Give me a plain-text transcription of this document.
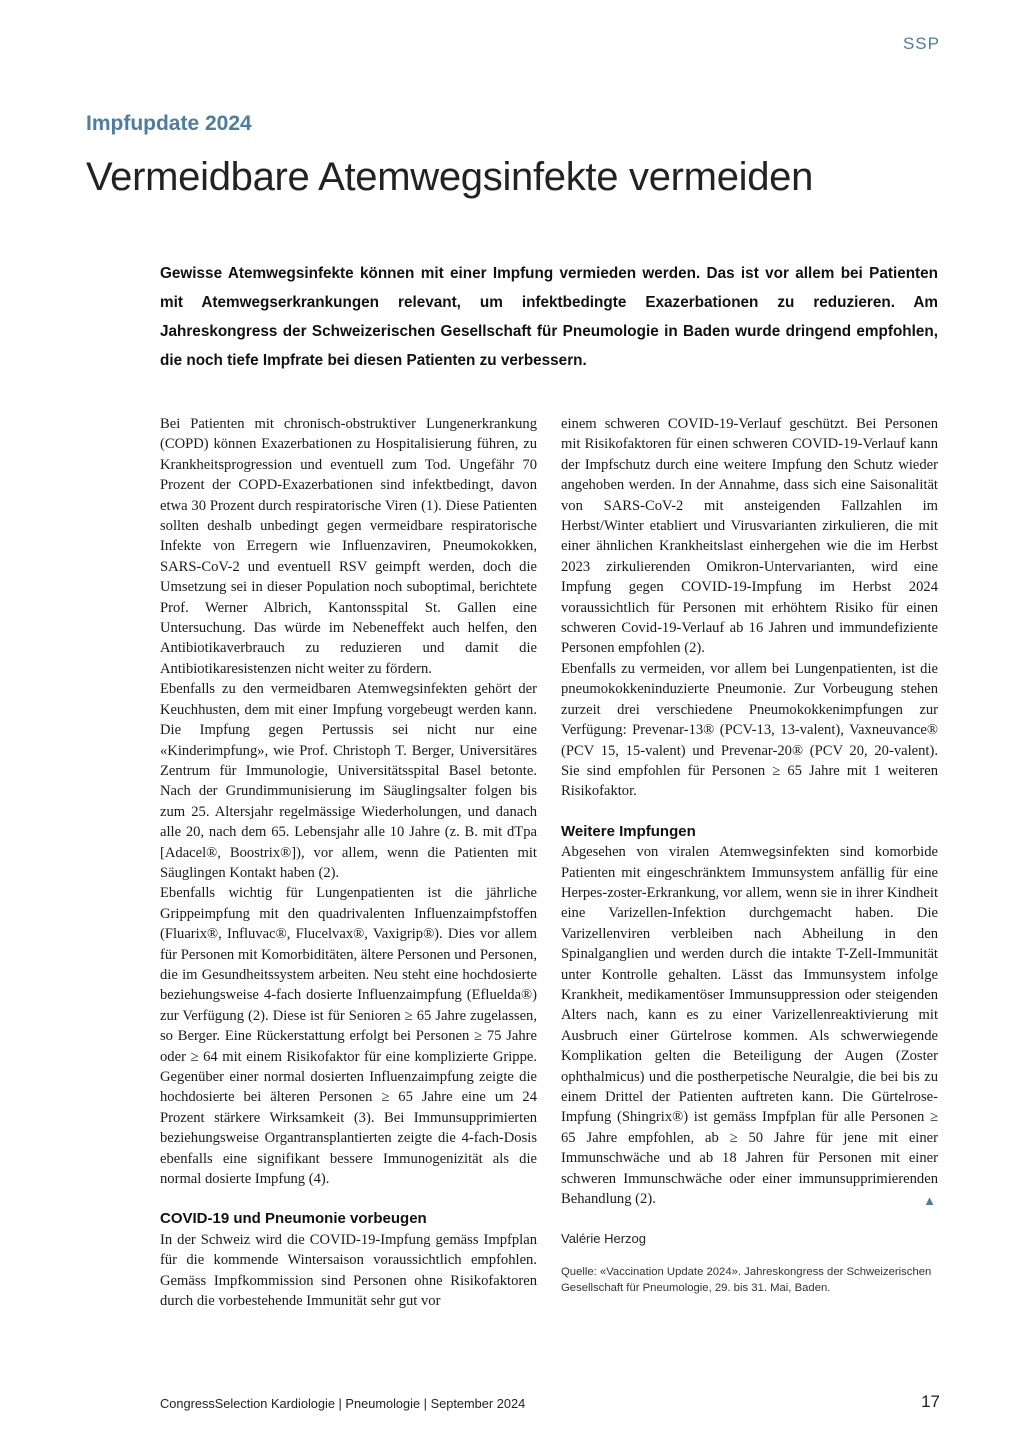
SSP
Impfupdate 2024
Vermeidbare Atemwegsinfekte vermeiden

Gewisse Atemwegsinfekte können mit einer Impfung vermieden werden. Das ist vor allem bei Patienten mit Atemwegserkrankungen relevant, um infektbedingte Exazerbationen zu reduzieren. Am Jahreskongress der Schweizerischen Gesellschaft für Pneumologie in Baden wurde dringend empfohlen, die noch tiefe Impfrate bei diesen Patienten zu verbessern.

Bei Patienten mit chronisch-obstruktiver Lungenerkrankung (COPD) können Exazerbationen zu Hospitalisierung führen, zu Krankheitsprogression und eventuell zum Tod. Ungefähr 70 Prozent der COPD-Exazerbationen sind infektbedingt, davon etwa 30 Prozent durch respiratorische Viren (1). Diese Patienten sollten deshalb unbedingt gegen vermeidbare respiratorische Infekte von Erregern wie Influenzaviren, Pneumokokken, SARS-CoV-2 und eventuell RSV geimpft werden, doch die Umsetzung sei in dieser Population noch suboptimal, berichtete Prof. Werner Albrich, Kantonsspital St. Gallen eine Untersuchung. Das würde im Nebeneffekt auch helfen, den Antibiotikaverbrauch zu reduzieren und damit die Antibiotikaresistenzen nicht weiter zu fördern.

Ebenfalls zu den vermeidbaren Atemwegsinfekten gehört der Keuchhusten, dem mit einer Impfung vorgebeugt werden kann. Die Impfung gegen Pertussis sei nicht nur eine «Kinderimpfung», wie Prof. Christoph T. Berger, Universitäres Zentrum für Immunologie, Universitätsspital Basel betonte. Nach der Grundimmunisierung im Säuglingsalter folgen bis zum 25. Altersjahr regelmässige Wiederholungen, und danach alle 20, nach dem 65. Lebensjahr alle 10 Jahre (z. B. mit dTpa [Adacel®, Boostrix®]), vor allem, wenn die Patienten mit Säuglingen Kontakt haben (2).

Ebenfalls wichtig für Lungenpatienten ist die jährliche Grippeimpfung mit den quadrivalenten Influenzaimpfstoffen (Fluarix®, Influvac®, Flucelvax®, Vaxigrip®). Dies vor allem für Personen mit Komorbiditäten, ältere Personen und Personen, die im Gesundheitssystem arbeiten. Neu steht eine hochdosierte beziehungsweise 4-fach dosierte Influenzaimpfung (Efluelda®) zur Verfügung (2). Diese ist für Senioren ≥ 65 Jahre zugelassen, so Berger. Eine Rückerstattung erfolgt bei Personen ≥ 75 Jahre oder ≥ 64 mit einem Risikofaktor für eine komplizierte Grippe. Gegenüber einer normal dosierten Influenzaimpfung zeigte die hochdosierte bei älteren Personen ≥ 65 Jahre eine um 24 Prozent stärkere Wirksamkeit (3). Bei Immunsupprimierten beziehungsweise Organtransplantierten zeigte die 4-fach-Dosis ebenfalls eine signifikant bessere Immunogenizität als die normal dosierte Impfung (4).

COVID-19 und Pneumonie vorbeugen

In der Schweiz wird die COVID-19-Impfung gemäss Impfplan für die kommende Wintersaison voraussichtlich empfohlen. Gemäss Impfkommission sind Personen ohne Risikofaktoren durch die vorbestehende Immunität sehr gut vor

einem schweren COVID-19-Verlauf geschützt. Bei Personen mit Risikofaktoren für einen schweren COVID-19-Verlauf kann der Impfschutz durch eine weitere Impfung den Schutz wieder angehoben werden. In der Annahme, dass sich eine Saisonalität von SARS-CoV-2 mit ansteigenden Fallzahlen im Herbst/Winter etabliert und Virusvarianten zirkulieren, die mit einer ähnlichen Krankheitslast einhergehen wie die im Herbst 2023 zirkulierenden Omikron-Untervarianten, wird eine Impfung gegen COVID-19-Impfung im Herbst 2024 voraussichtlich für Personen mit erhöhtem Risiko für einen schweren Covid-19-Verlauf ab 16 Jahren und immundefiziente Personen empfohlen (2).

Ebenfalls zu vermeiden, vor allem bei Lungenpatienten, ist die pneumokokkeninduzierte Pneumonie. Zur Vorbeugung stehen zurzeit drei verschiedene Pneumokokkenimpfungen zur Verfügung: Prevenar-13® (PCV-13, 13-valent), Vaxneuvance® (PCV 15, 15-valent) und Prevenar-20® (PCV 20, 20-valent). Sie sind empfohlen für Personen ≥ 65 Jahre mit 1 weiteren Risikofaktor.

Weitere Impfungen

Abgesehen von viralen Atemwegsinfekten sind komorbide Patienten mit eingeschränktem Immunsystem anfällig für eine Herpes-zoster-Erkrankung, vor allem, wenn sie in ihrer Kindheit eine Varizellen-Infektion durchgemacht haben. Die Varizellenviren verbleiben nach Abheilung in den Spinalganglien und werden durch die intakte T-Zell-Immunität unter Kontrolle gehalten. Lässt das Immunsystem infolge Krankheit, medikamentöser Immunsuppression oder steigenden Alters nach, kann es zu einer Varizellenreaktivierung mit Ausbruch einer Gürtelrose kommen. Als schwerwiegende Komplikation gelten die Beteiligung der Augen (Zoster ophthalmicus) und die postherpetische Neuralgie, die bei bis zu einem Drittel der Patienten auftreten kann. Die Gürtelrose-Impfung (Shingrix®) ist gemäss Impfplan für alle Personen ≥ 65 Jahre empfohlen, ab ≥ 50 Jahre für jene mit einer Immunschwäche und ab 18 Jahren für Personen mit einer schweren Immunschwäche oder einer immunsupprimierenden Behandlung (2).	▲

Valérie Herzog

Quelle: «Vaccination Update 2024». Jahreskongress der Schweizerischen Gesellschaft für Pneumologie, 29. bis 31. Mai, Baden.

CongressSelection Kardiologie | Pneumologie | September 2024	17
